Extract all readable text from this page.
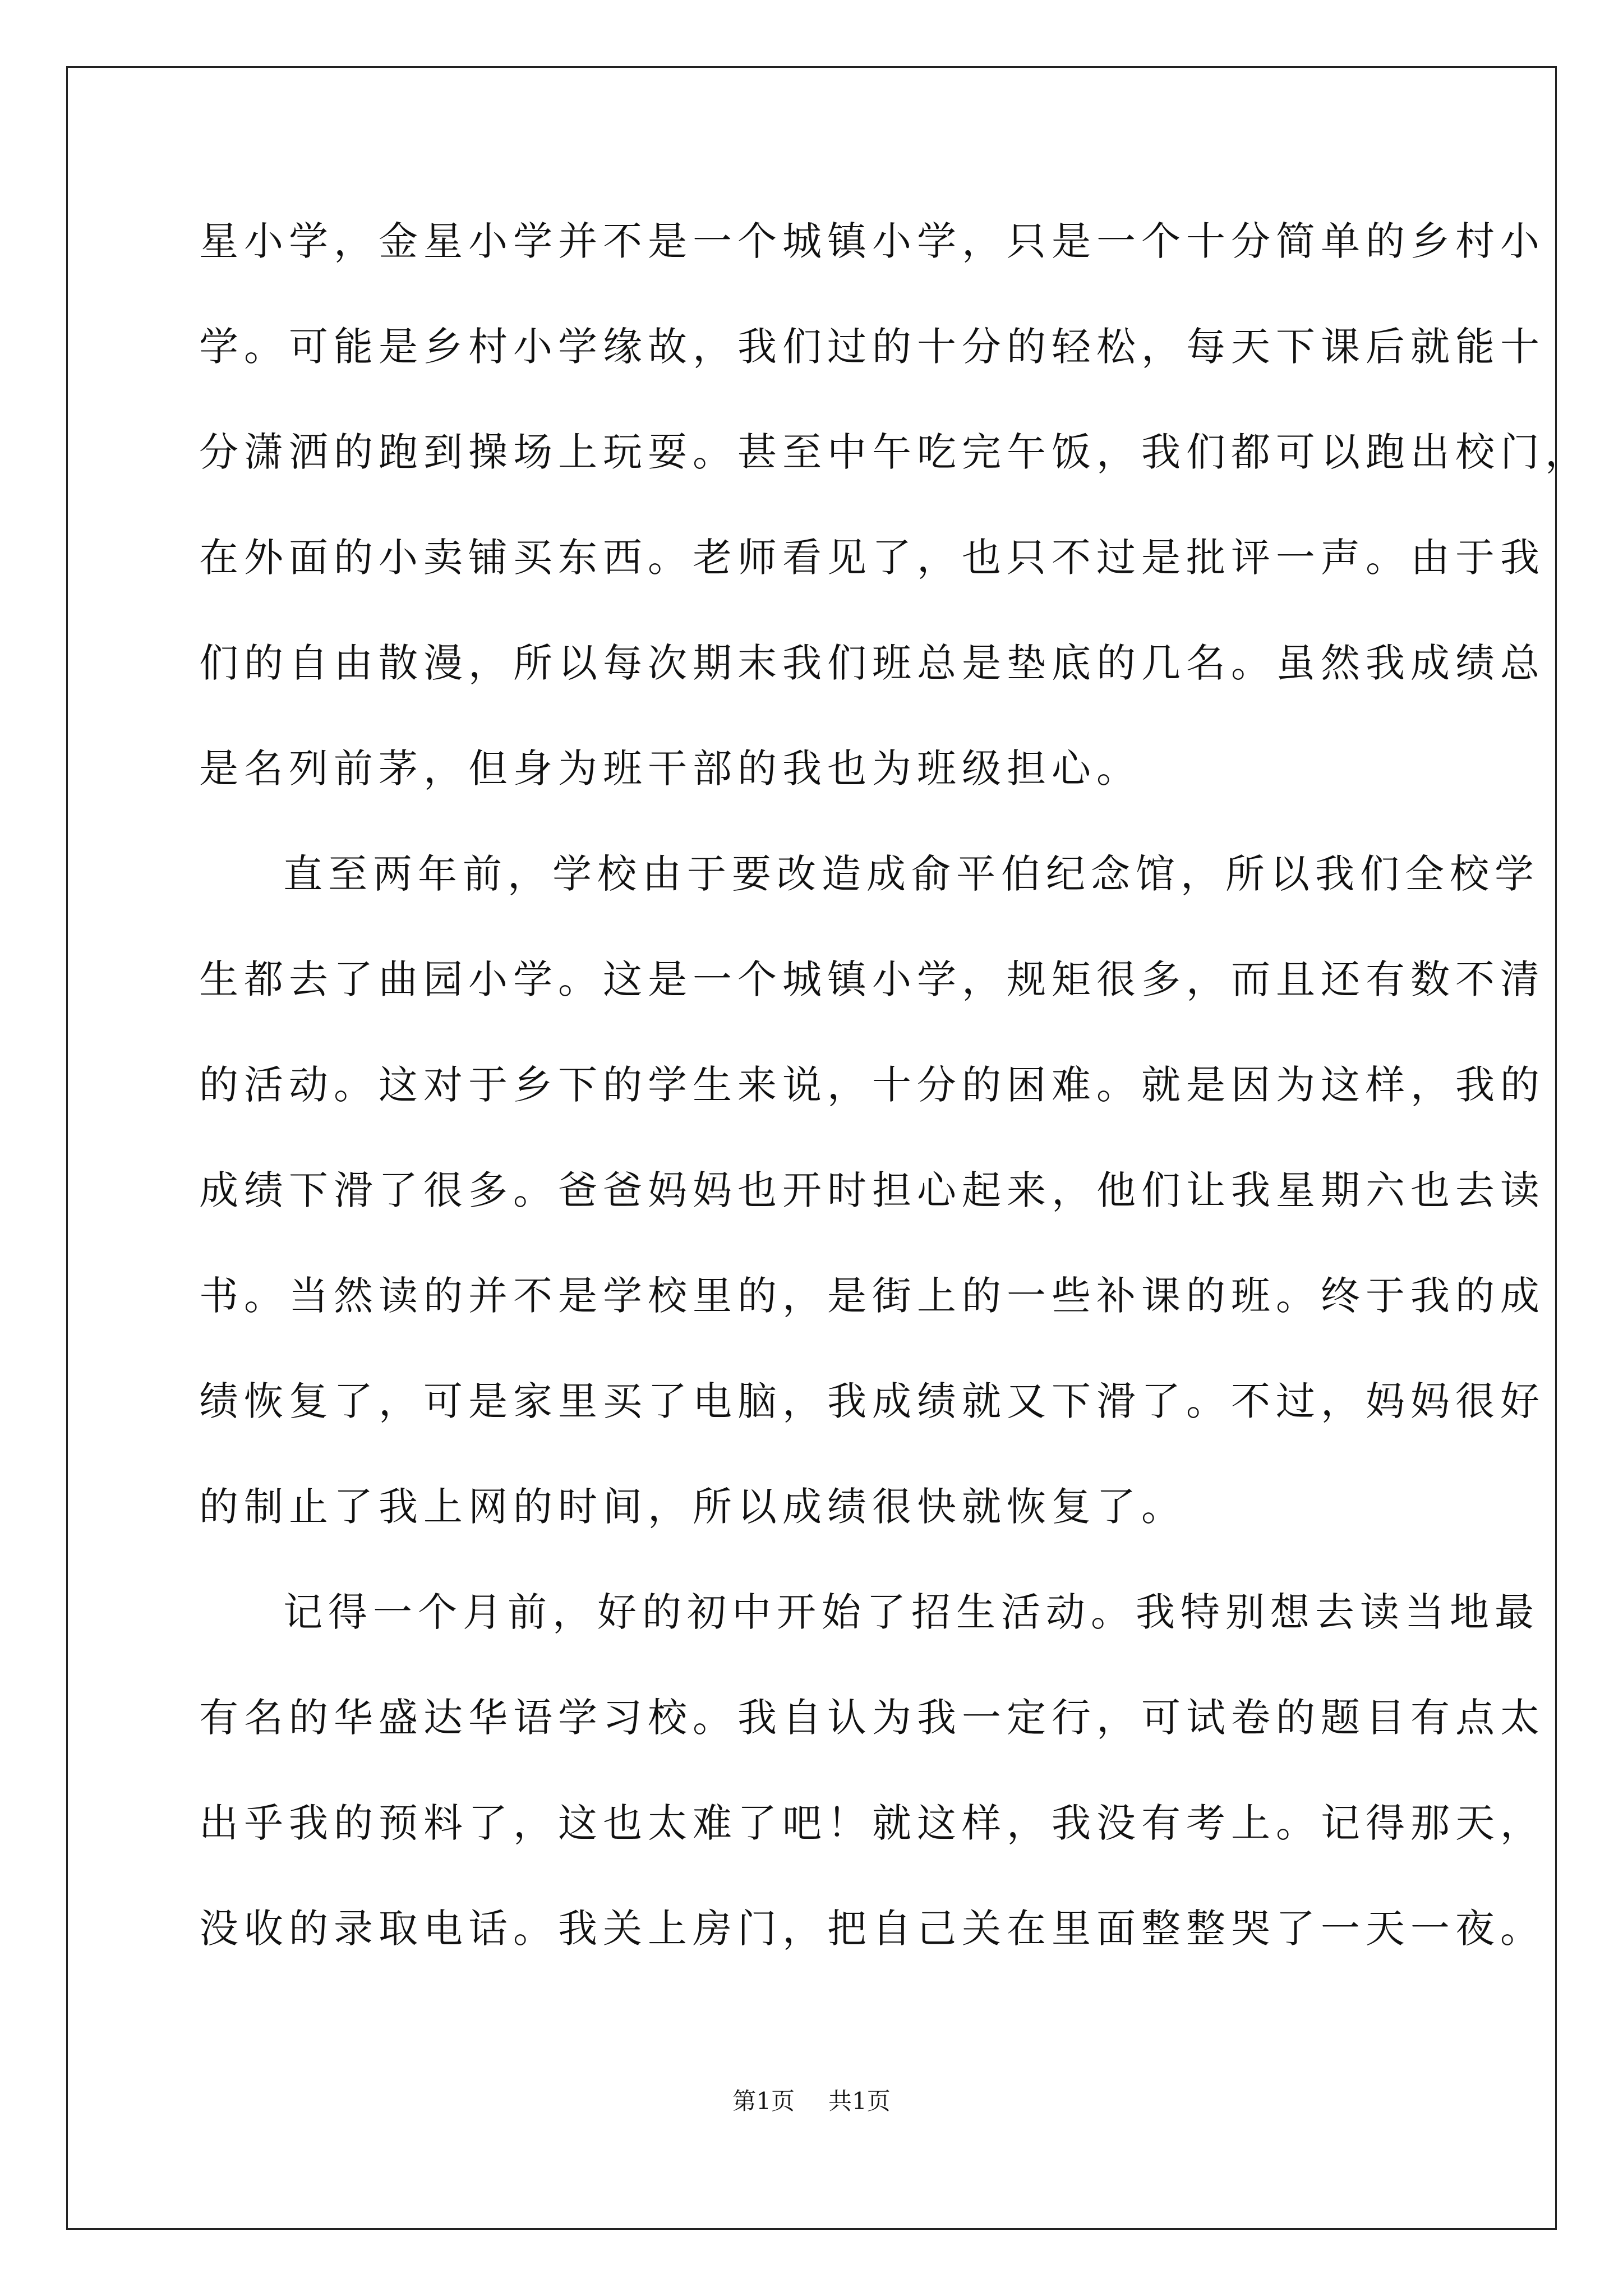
星小学，金星小学并不是一个城镇小学，只是一个十分简单的乡村小
学。可能是乡村小学缘故，我们过的十分的轻松，每天下课后就能十
分潇洒的跑到操场上玩耍。甚至中午吃完午饭，我们都可以跑出校门，
在外面的小卖铺买东西。老师看见了，也只不过是批评一声。由于我
们的自由散漫，所以每次期末我们班总是垫底的几名。虽然我成绩总
是名列前茅，但身为班干部的我也为班级担心。
直至两年前，学校由于要改造成俞平伯纪念馆，所以我们全校学
生都去了曲园小学。这是一个城镇小学，规矩很多，而且还有数不清
的活动。这对于乡下的学生来说，十分的困难。就是因为这样，我的
成绩下滑了很多。爸爸妈妈也开时担心起来，他们让我星期六也去读
书。当然读的并不是学校里的，是街上的一些补课的班。终于我的成
绩恢复了，可是家里买了电脑，我成绩就又下滑了。不过，妈妈很好
的制止了我上网的时间，所以成绩很快就恢复了。
记得一个月前，好的初中开始了招生活动。我特别想去读当地最
有名的华盛达华语学习校。我自认为我一定行，可试卷的题目有点太
出乎我的预料了，这也太难了吧！就这样，我没有考上。记得那天，
没收的录取电话。我关上房门，把自己关在里面整整哭了一天一夜。
第1页 共1页
